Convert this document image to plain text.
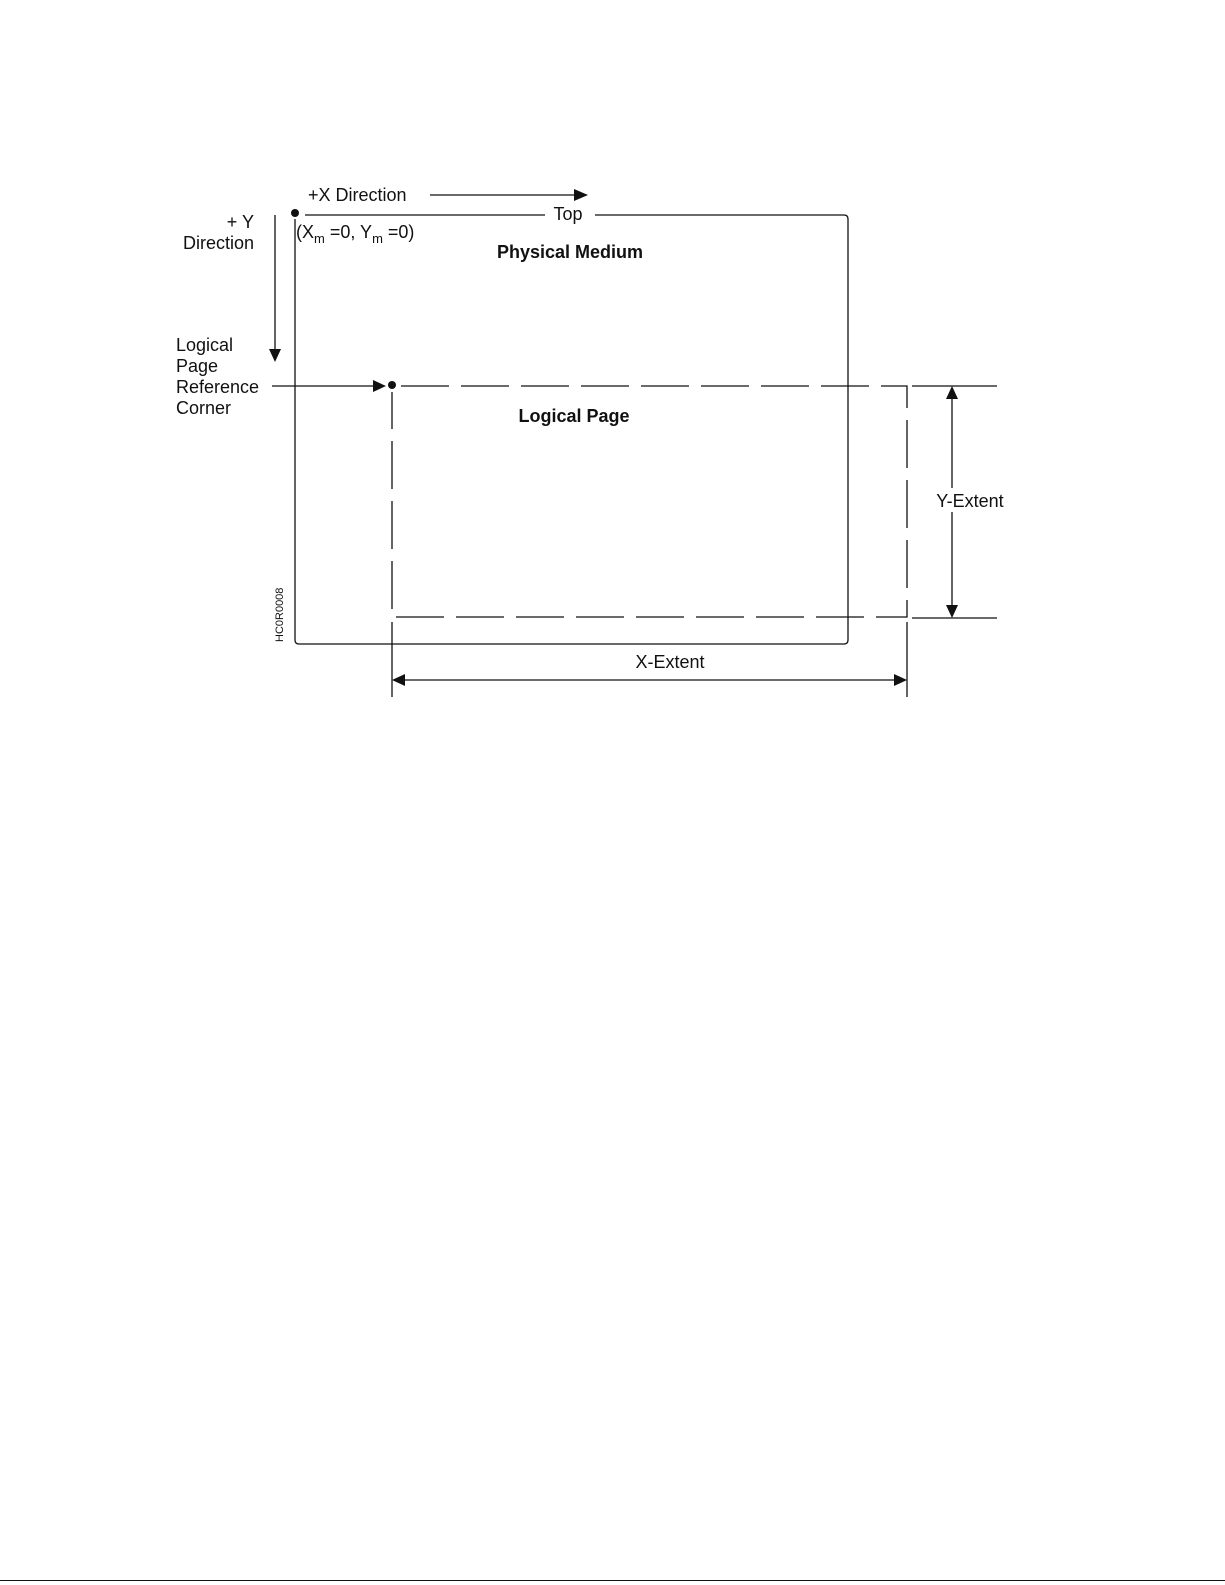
+X Direction
+ Y
Direction
Top
($X_m =0$, $Y_m =0$)
Physical Medium
Logical
Page
Reference
Corner	Logical Page
Y-Extent
X-Extent
HC0R0008
